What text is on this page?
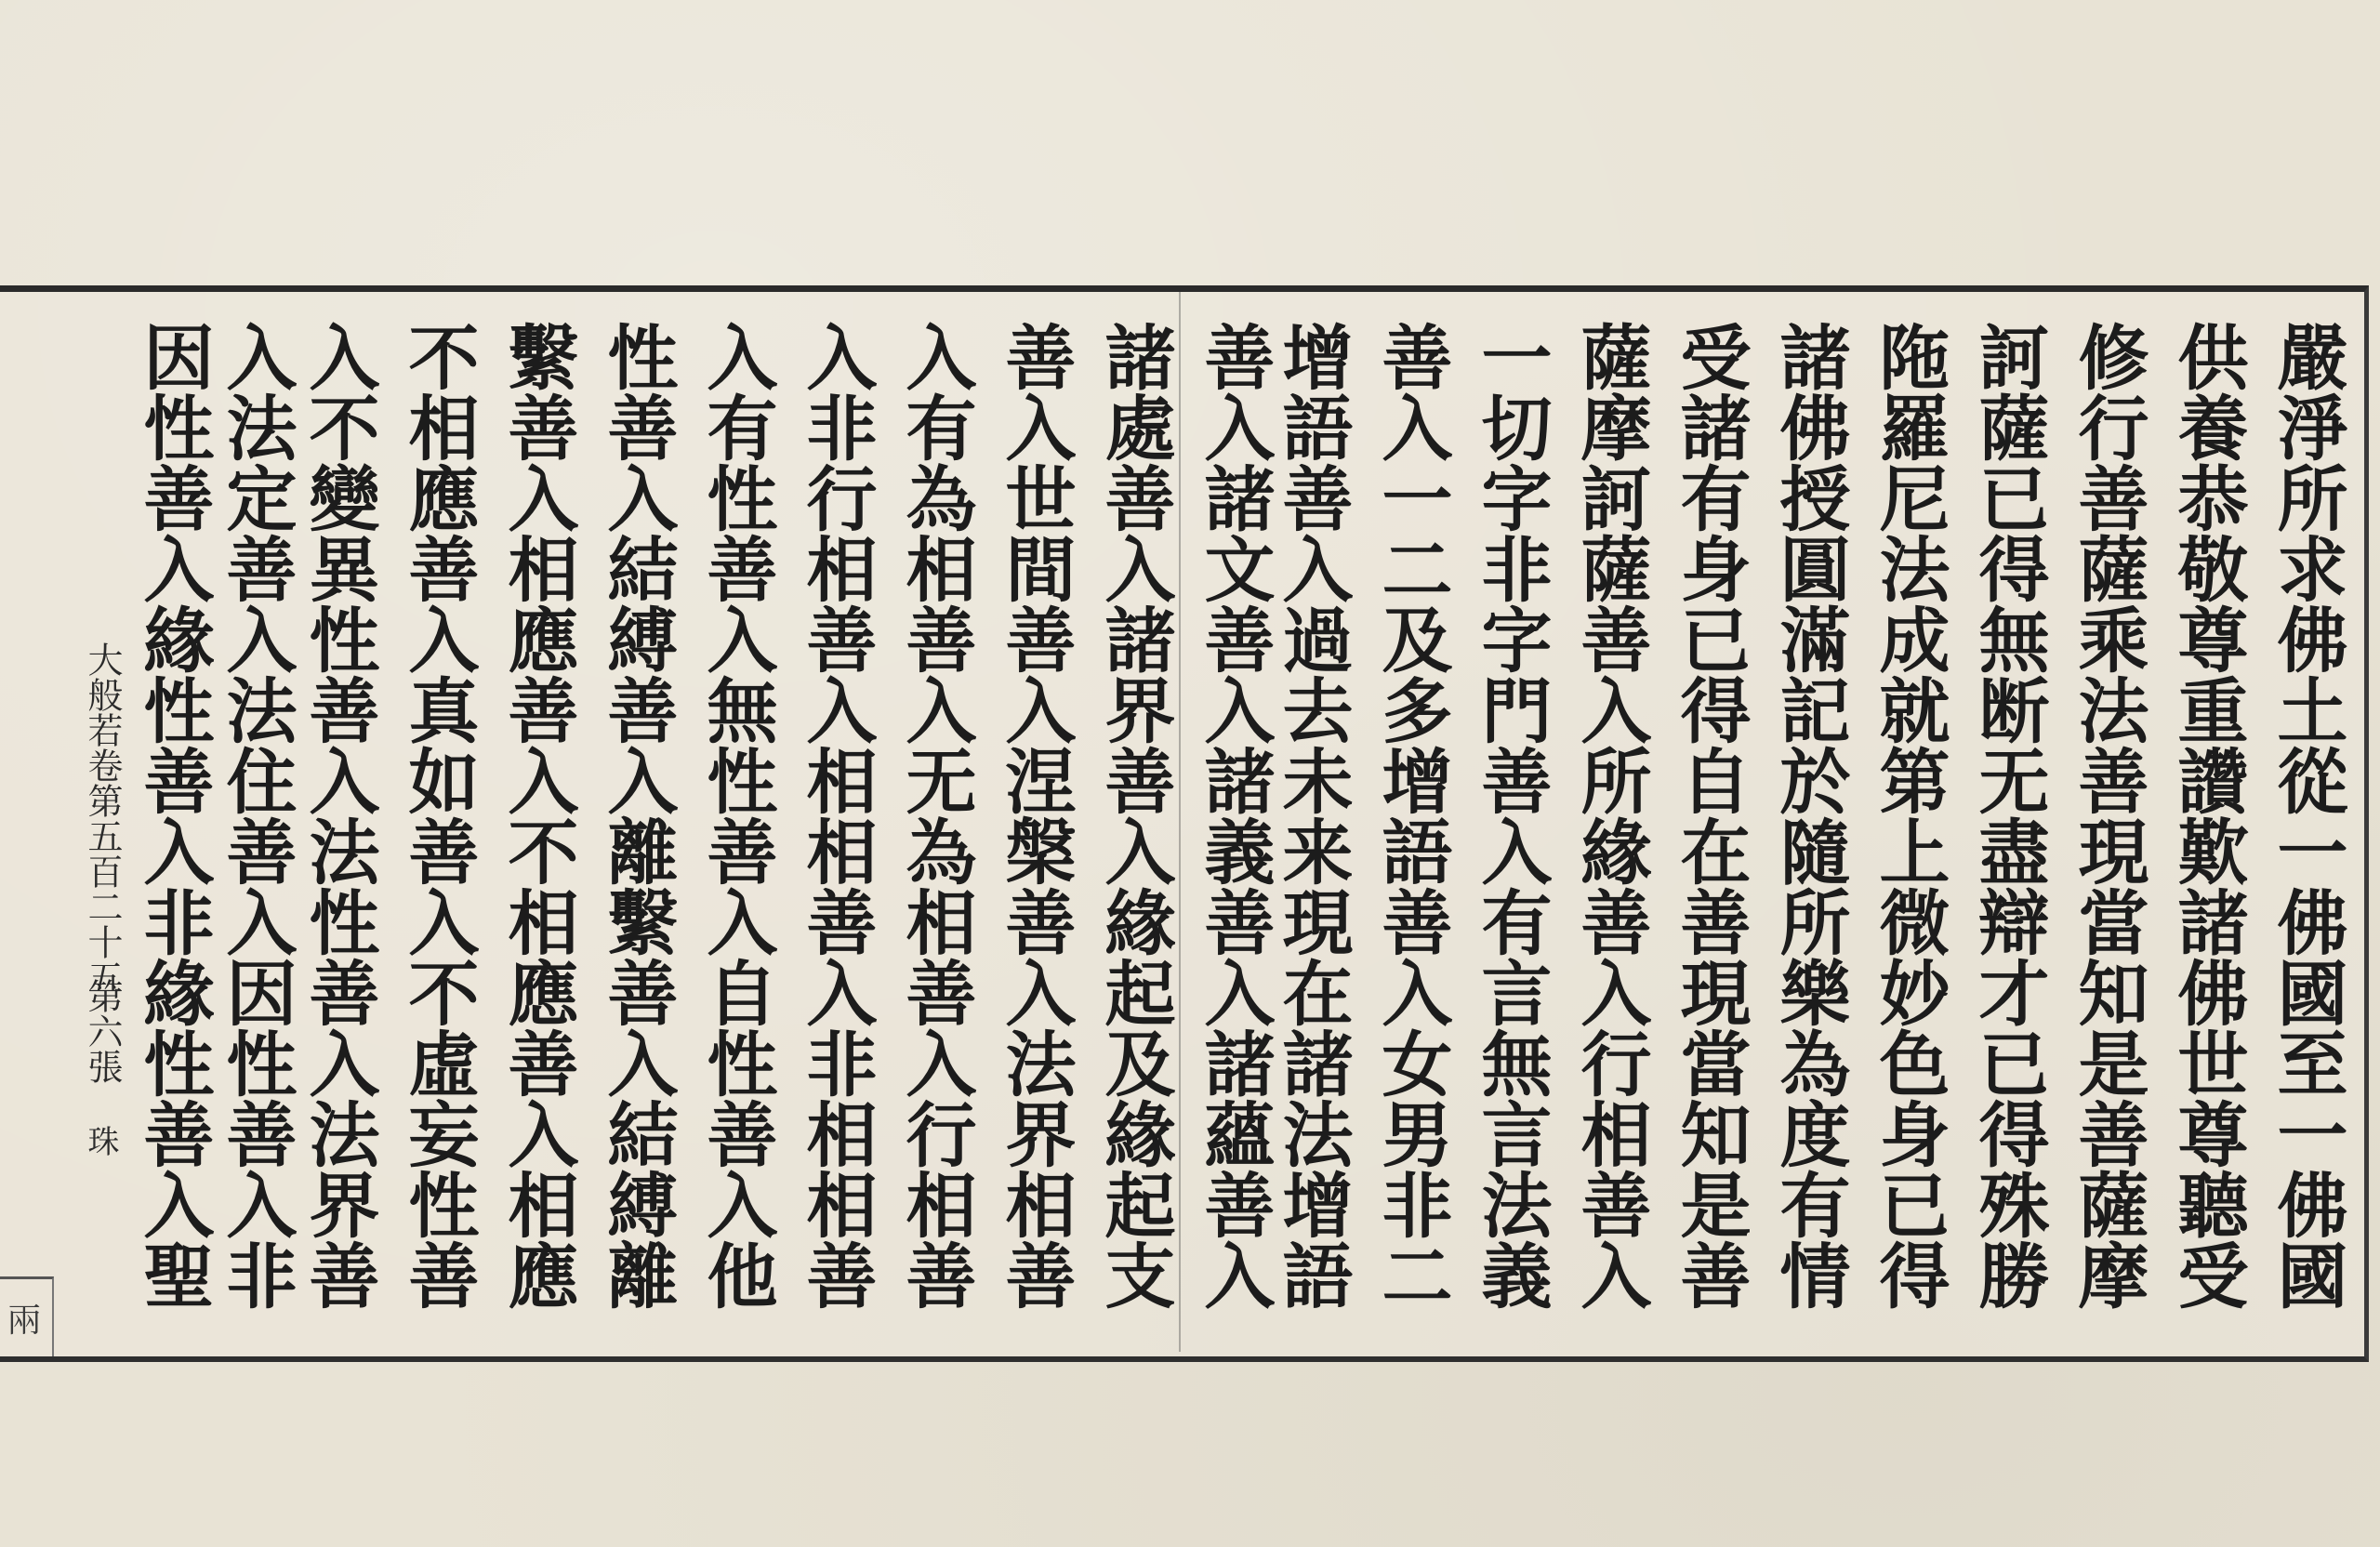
嚴淨所求佛土從一佛國至一佛國
供養恭敬尊重讚歎諸佛世尊聽受
修行善薩乘法善現當知是善薩摩
訶薩已得無断无盡辯才已得殊勝
陁羅尼法成就第上微妙色身已得
諸佛授圓滿記於隨所樂為度有情
受諸有身已得自在善現當知是善
薩摩訶薩善入所緣善入行相善入
一切字非字門善入有言無言法義
善入一二及多增語善入女男非二
增語善入過去未来現在諸法增語
善入諸文善入諸義善入諸蘊善入
諸處善入諸界善入緣起及緣起支
善入世間善入涅槃善入法界相善
入有為相善入无為相善入行相善
入非行相善入相相善入非相相善
入有性善入無性善入自性善入他
性善入結縛善入離繫善入結縛離
繫善入相應善入不相應善入相應
不相應善入真如善入不虛妄性善
入不變異性善入法性善入法界善
入法定善入法住善入因性善入非
因性善入緣性善入非緣性善入聖
大般若卷第五百二十五
第六張
珠
兩
